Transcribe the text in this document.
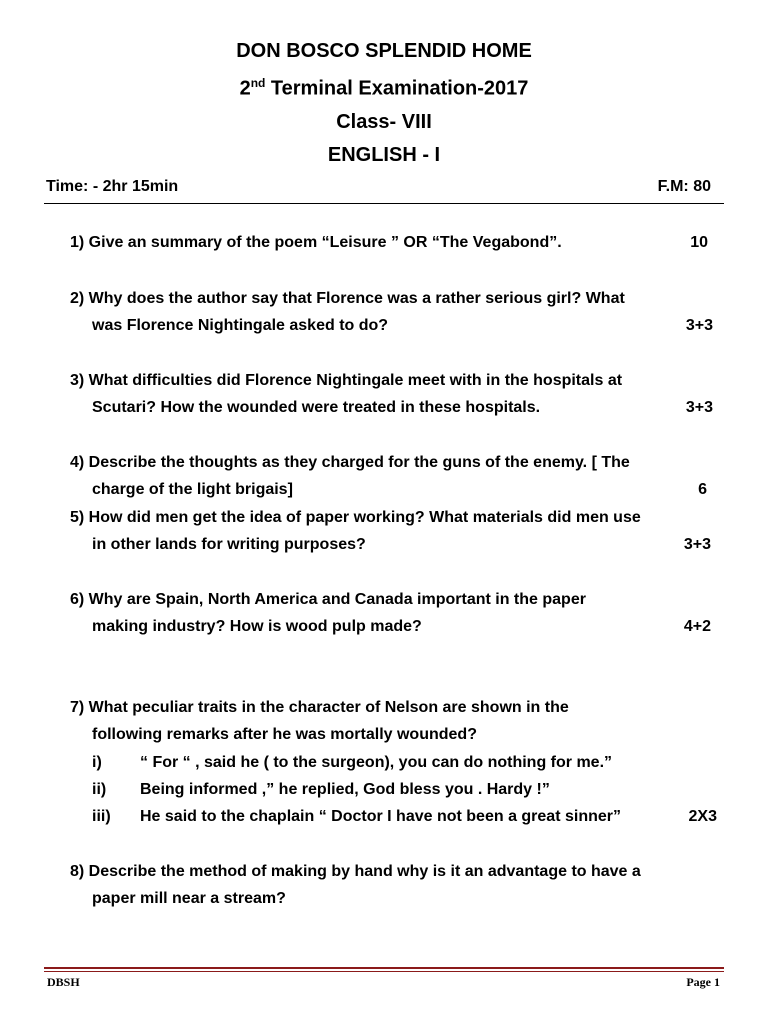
DON BOSCO SPLENDID HOME
2nd Terminal Examination-2017
Class- VIII
ENGLISH - I
Time: - 2hr 15min	F.M: 80
1) Give an summary of the poem “Leisure ” OR “The Vegabond”.	10
2) Why does the author say that Florence was a rather serious girl? What
was Florence Nightingale asked to do?	3+3
3) What difficulties did Florence Nightingale meet with in the hospitals at
Scutari? How the wounded were treated in these hospitals.	3+3
4) Describe the thoughts as they charged for the guns of the enemy. [ The
charge of the light brigais]	6
5) How did men get the idea of paper working? What materials did men use
in other lands for writing purposes?	3+3
6) Why are Spain, North America and Canada important in the paper
making industry? How is wood pulp made?	4+2
7) What peculiar traits in the character of Nelson are shown in the
following remarks after he was mortally wounded?
i) “ For “ , said he ( to the surgeon), you can do nothing for me.”
ii) Being informed ,” he replied, God bless you . Hardy !”
iii) He said to the chaplain “ Doctor I have not been a great sinner”	2X3
8) Describe the method of making by hand why is it an advantage to have a
paper mill near a stream?
DBSH	Page 1
